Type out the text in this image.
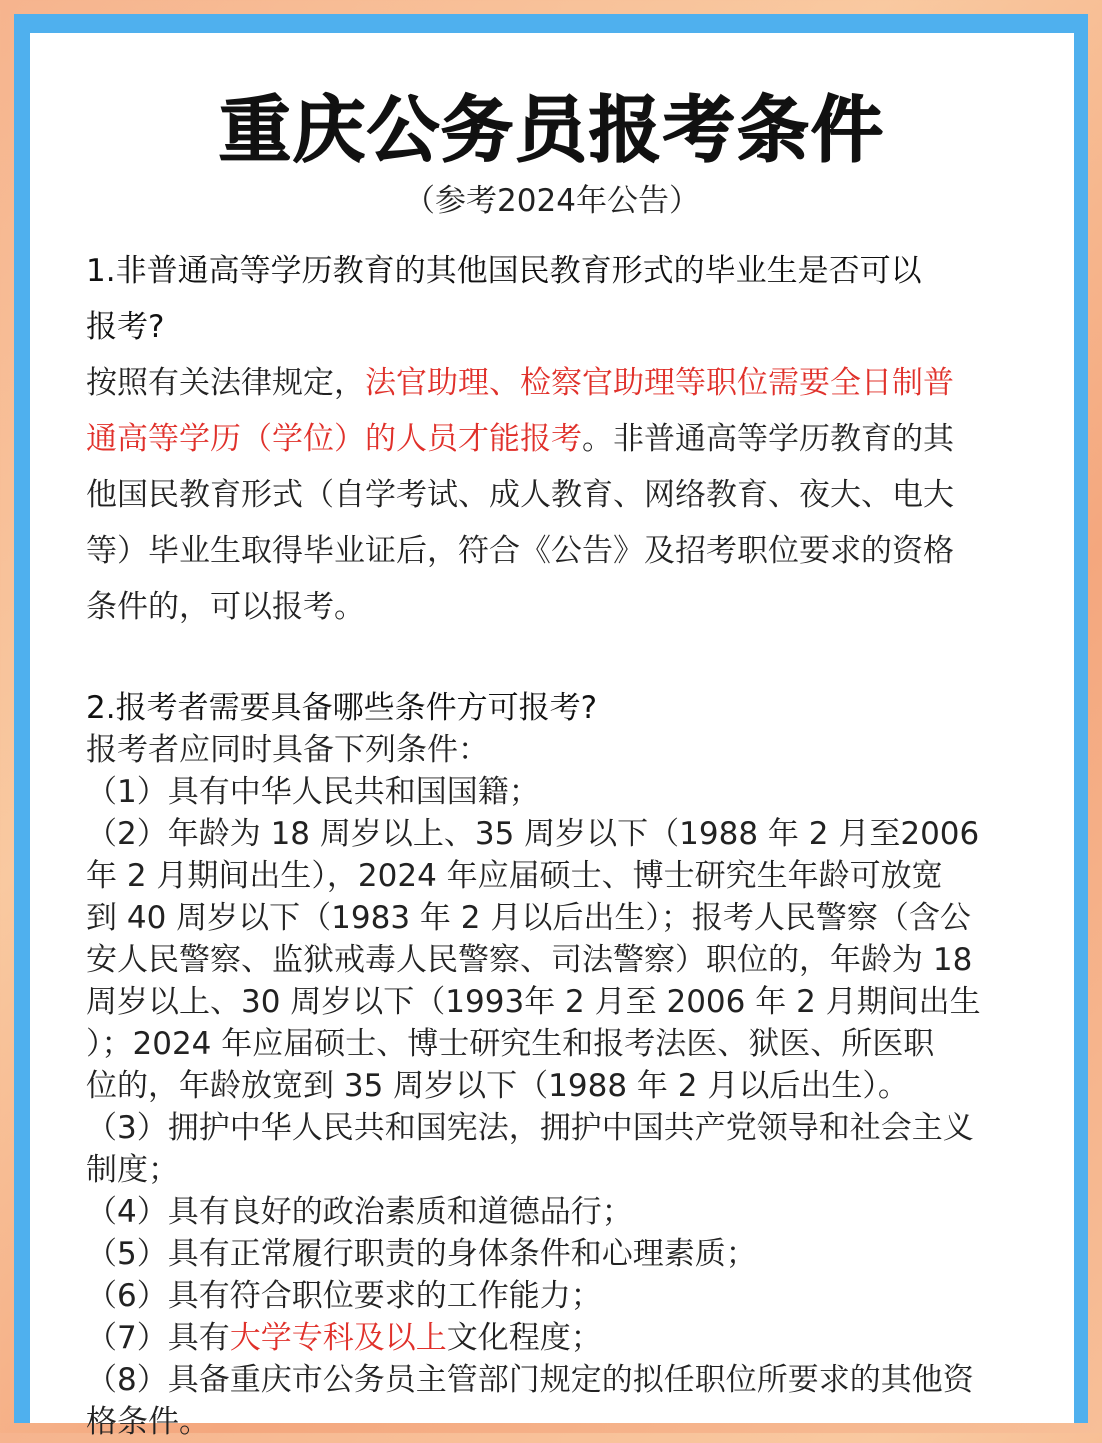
重庆公务员报考条件
（参考2024年公告）
1.非普通高等学历教育的其他国民教育形式的毕业生是否可以
报考?
按照有关法律规定，法官助理、检察官助理等职位需要全日制普
通高等学历（学位）的人员才能报考。非普通高等学历教育的其
他国民教育形式（自学考试、成人教育、网络教育、夜大、电大
等）毕业生取得毕业证后，符合《公告》及招考职位要求的资格
条件的，可以报考。
2.报考者需要具备哪些条件方可报考?
报考者应同时具备下列条件：
（1）具有中华人民共和国国籍；
（2）年龄为 18 周岁以上、35 周岁以下（1988 年 2 月至2006
年 2 月期间出生），2024 年应届硕士、博士研究生年龄可放宽
到 40 周岁以下（1983 年 2 月以后出生）；报考人民警察（含公
安人民警察、监狱戒毒人民警察、司法警察）职位的，年龄为 18
周岁以上、30 周岁以下（1993年 2 月至 2006 年 2 月期间出生
）；2024 年应届硕士、博士研究生和报考法医、狱医、所医职
位的，年龄放宽到 35 周岁以下（1988 年 2 月以后出生）。
（3）拥护中华人民共和国宪法，拥护中国共产党领导和社会主义
制度；
（4）具有良好的政治素质和道德品行；
（5）具有正常履行职责的身体条件和心理素质；
（6）具有符合职位要求的工作能力；
（7）具有大学专科及以上文化程度；
（8）具备重庆市公务员主管部门规定的拟任职位所要求的其他资
格条件。
